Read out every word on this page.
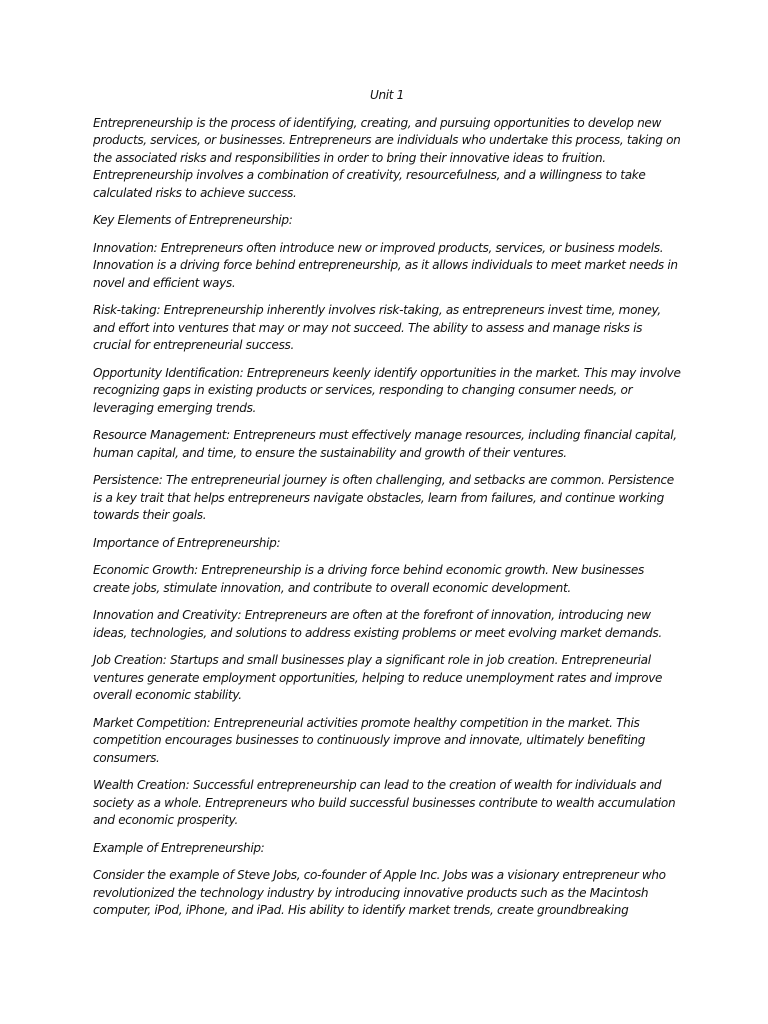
Unit 1

Entrepreneurship is the process of identifying, creating, and pursuing opportunities to develop new products, services, or businesses. Entrepreneurs are individuals who undertake this process, taking on the associated risks and responsibilities in order to bring their innovative ideas to fruition. Entrepreneurship involves a combination of creativity, resourcefulness, and a willingness to take calculated risks to achieve success.

Key Elements of Entrepreneurship:

Innovation: Entrepreneurs often introduce new or improved products, services, or business models. Innovation is a driving force behind entrepreneurship, as it allows individuals to meet market needs in novel and efficient ways.

Risk-taking: Entrepreneurship inherently involves risk-taking, as entrepreneurs invest time, money, and effort into ventures that may or may not succeed. The ability to assess and manage risks is crucial for entrepreneurial success.

Opportunity Identification: Entrepreneurs keenly identify opportunities in the market. This may involve recognizing gaps in existing products or services, responding to changing consumer needs, or leveraging emerging trends.

Resource Management: Entrepreneurs must effectively manage resources, including financial capital, human capital, and time, to ensure the sustainability and growth of their ventures.

Persistence: The entrepreneurial journey is often challenging, and setbacks are common. Persistence is a key trait that helps entrepreneurs navigate obstacles, learn from failures, and continue working towards their goals.

Importance of Entrepreneurship:

Economic Growth: Entrepreneurship is a driving force behind economic growth. New businesses create jobs, stimulate innovation, and contribute to overall economic development.

Innovation and Creativity: Entrepreneurs are often at the forefront of innovation, introducing new ideas, technologies, and solutions to address existing problems or meet evolving market demands.

Job Creation: Startups and small businesses play a significant role in job creation. Entrepreneurial ventures generate employment opportunities, helping to reduce unemployment rates and improve overall economic stability.

Market Competition: Entrepreneurial activities promote healthy competition in the market. This competition encourages businesses to continuously improve and innovate, ultimately benefiting consumers.

Wealth Creation: Successful entrepreneurship can lead to the creation of wealth for individuals and society as a whole. Entrepreneurs who build successful businesses contribute to wealth accumulation and economic prosperity.

Example of Entrepreneurship:

Consider the example of Steve Jobs, co-founder of Apple Inc. Jobs was a visionary entrepreneur who revolutionized the technology industry by introducing innovative products such as the Macintosh computer, iPod, iPhone, and iPad. His ability to identify market trends, create groundbreaking
